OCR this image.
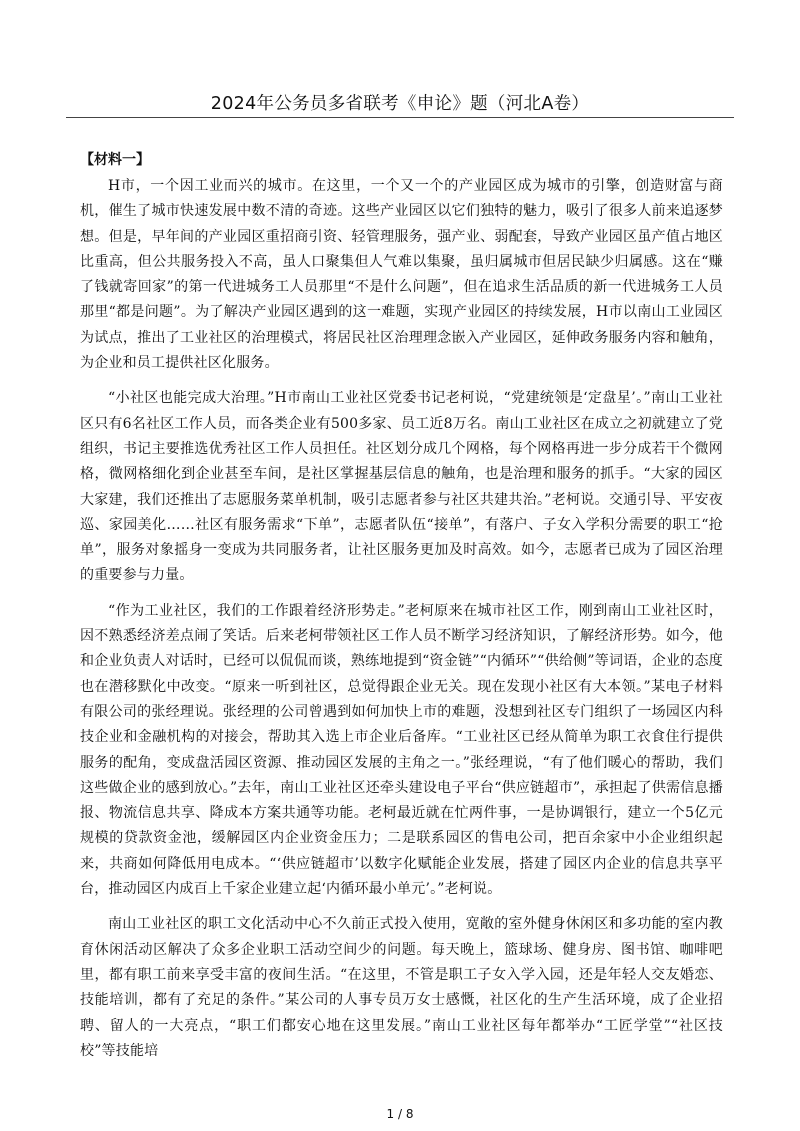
2024年公务员多省联考《申论》题（河北A卷）
【材料一】

H市，一个因工业而兴的城市。在这里，一个又一个的产业园区成为城市的引擎，创造财富与商机，催生了城市快速发展中数不清的奇迹。这些产业园区以它们独特的魅力，吸引了很多人前来追逐梦想。但是，早年间的产业园区重招商引资、轻管理服务，强产业、弱配套，导致产业园区虽产值占地区比重高，但公共服务投入不高，虽人口聚集但人气难以集聚，虽归属城市但居民缺少归属感。这在“赚了钱就寄回家”的第一代进城务工人员那里“不是什么问题”，但在追求生活品质的新一代进城务工人员那里“都是问题”。为了解决产业园区遇到的这一难题，实现产业园区的持续发展，H市以南山工业园区为试点，推出了工业社区的治理模式，将居民社区治理理念嵌入产业园区，延伸政务服务内容和触角，为企业和员工提供社区化服务。

“小社区也能完成大治理。”H市南山工业社区党委书记老柯说，“党建统领是‘定盘星’。”南山工业社区只有6名社区工作人员，而各类企业有500多家、员工近8万名。南山工业社区在成立之初就建立了党组织，书记主要推选优秀社区工作人员担任。社区划分成几个网格，每个网格再进一步分成若干个微网格，微网格细化到企业甚至车间，是社区掌握基层信息的触角，也是治理和服务的抓手。“大家的园区大家建，我们还推出了志愿服务菜单机制，吸引志愿者参与社区共建共治。”老柯说。交通引导、平安夜巡、家园美化……社区有服务需求“下单”，志愿者队伍“接单”，有落户、子女入学积分需要的职工“抢单”，服务对象摇身一变成为共同服务者，让社区服务更加及时高效。如今，志愿者已成为了园区治理的重要参与力量。

“作为工业社区，我们的工作跟着经济形势走。”老柯原来在城市社区工作，刚到南山工业社区时，因不熟悉经济差点闹了笑话。后来老柯带领社区工作人员不断学习经济知识，了解经济形势。如今，他和企业负责人对话时，已经可以侃侃而谈，熟练地提到“资金链”“内循环”“供给侧”等词语，企业的态度也在潜移默化中改变。“原来一听到社区，总觉得跟企业无关。现在发现小社区有大本领。”某电子材料有限公司的张经理说。张经理的公司曾遇到如何加快上市的难题，没想到社区专门组织了一场园区内科技企业和金融机构的对接会，帮助其入选上市企业后备库。“工业社区已经从简单为职工衣食住行提供服务的配角，变成盘活园区资源、推动园区发展的主角之一。”张经理说，“有了他们暖心的帮助，我们这些做企业的感到放心。”去年，南山工业社区还牵头建设电子平台“供应链超市”，承担起了供需信息播报、物流信息共享、降成本方案共通等功能。老柯最近就在忙两件事，一是协调银行，建立一个5亿元规模的贷款资金池，缓解园区内企业资金压力；二是联系园区的售电公司，把百余家中小企业组织起来，共商如何降低用电成本。“‘供应链超市’以数字化赋能企业发展，搭建了园区内企业的信息共享平台，推动园区内成百上千家企业建立起‘内循环最小单元’。”老柯说。

南山工业社区的职工文化活动中心不久前正式投入使用，宽敞的室外健身休闲区和多功能的室内教育休闲活动区解决了众多企业职工活动空间少的问题。每天晚上，篮球场、健身房、图书馆、咖啡吧里，都有职工前来享受丰富的夜间生活。“在这里，不管是职工子女入学入园，还是年轻人交友婚恋、技能培训，都有了充足的条件。”某公司的人事专员万女士感慨，社区化的生产生活环境，成了企业招聘、留人的一大亮点，“职工们都安心地在这里发展。”南山工业社区每年都举办“工匠学堂”“社区技校”等技能培

1 / 8
